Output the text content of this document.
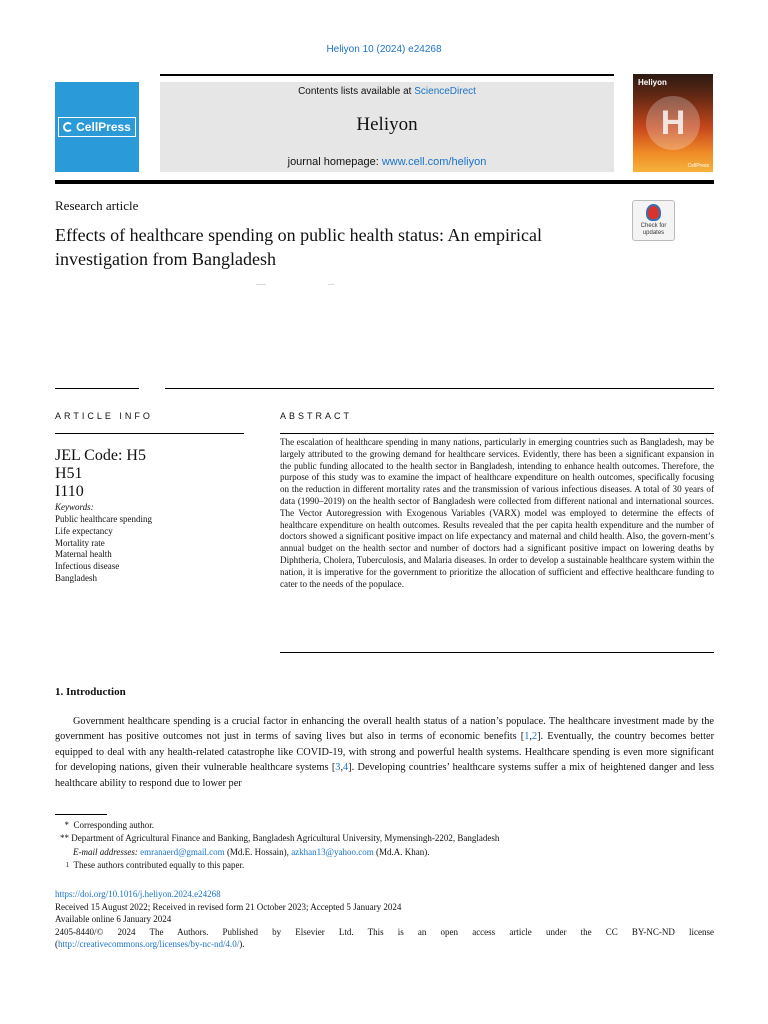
Heliyon 10 (2024) e24268
CellPress
Contents lists available at ScienceDirect
Heliyon
journal homepage: www.cell.com/heliyon
Heliyon
H
CellPress
Research article
Effects of healthcare spending on public health status: An empirical investigation from Bangladesh
Check for
updates
ARTICLE INFO
JEL Code: H5
H51
I110
Keywords:
Public healthcare spending
Life expectancy
Mortality rate
Maternal health
Infectious disease
Bangladesh
ABSTRACT
The escalation of healthcare spending in many nations, particularly in emerging countries such as Bangladesh, may be largely attributed to the growing demand for healthcare services. Evidently, there has been a significant expansion in the public funding allocated to the health sector in Bangladesh, intending to enhance health outcomes. Therefore, the purpose of this study was to examine the impact of healthcare expenditure on health outcomes, specifically focusing on the reduction in different mortality rates and the transmission of various infectious diseases. A total of 30 years of data (1990–2019) on the health sector of Bangladesh were collected from different national and international sources. The Vector Autoregression with Exogenous Variables (VARX) model was employed to determine the effects of healthcare expenditure on health outcomes. Results revealed that the per capita health expenditure and the number of doctors showed a significant positive impact on life expectancy and maternal and child health. Also, the govern-ment’s annual budget on the health sector and number of doctors had a significant positive impact on lowering deaths by Diphtheria, Cholera, Tuberculosis, and Malaria diseases. In order to develop a sustainable healthcare system within the nation, it is imperative for the government to prioritize the allocation of sufficient and effective healthcare funding to cater to the needs of the populace.
1. Introduction
Government healthcare spending is a crucial factor in enhancing the overall health status of a nation’s populace. The healthcare investment made by the government has positive outcomes not just in terms of saving lives but also in terms of economic benefits [1,2]. Eventually, the country becomes better equipped to deal with any health-related catastrophe like COVID-19, with strong and powerful health systems. Healthcare spending is even more significant for developing nations, given their vulnerable healthcare systems [3,4]. Developing countries’ healthcare systems suffer a mix of heightened danger and less healthcare ability to respond due to lower per
* Corresponding author.
** Department of Agricultural Finance and Banking, Bangladesh Agricultural University, Mymensingh-2202, Bangladesh
E-mail addresses: emranaerd@gmail.com (Md.E. Hossain), azkhan13@yahoo.com (Md.A. Khan).
1 These authors contributed equally to this paper.
https://doi.org/10.1016/j.heliyon.2024.e24268
Received 15 August 2022; Received in revised form 21 October 2023; Accepted 5 January 2024
Available online 6 January 2024
2405-8440/© 2024 The Authors. Published by Elsevier Ltd. This is an open access article under the CC BY-NC-ND license
(http://creativecommons.org/licenses/by-nc-nd/4.0/).
